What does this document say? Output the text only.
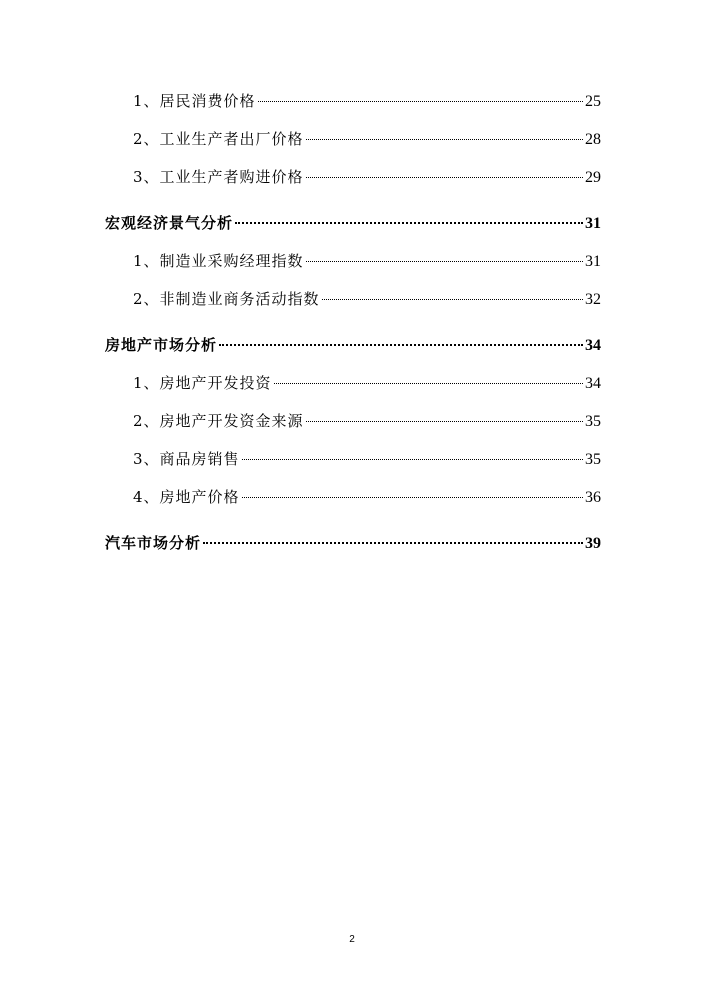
1、居民消费价格	25
2、工业生产者出厂价格	28
3、工业生产者购进价格	29
宏观经济景气分析	31
1、制造业采购经理指数	31
2、非制造业商务活动指数	32
房地产市场分析	34
1、房地产开发投资	34
2、房地产开发资金来源	35
3、商品房销售	35
4、房地产价格	36
汽车市场分析	39
2
